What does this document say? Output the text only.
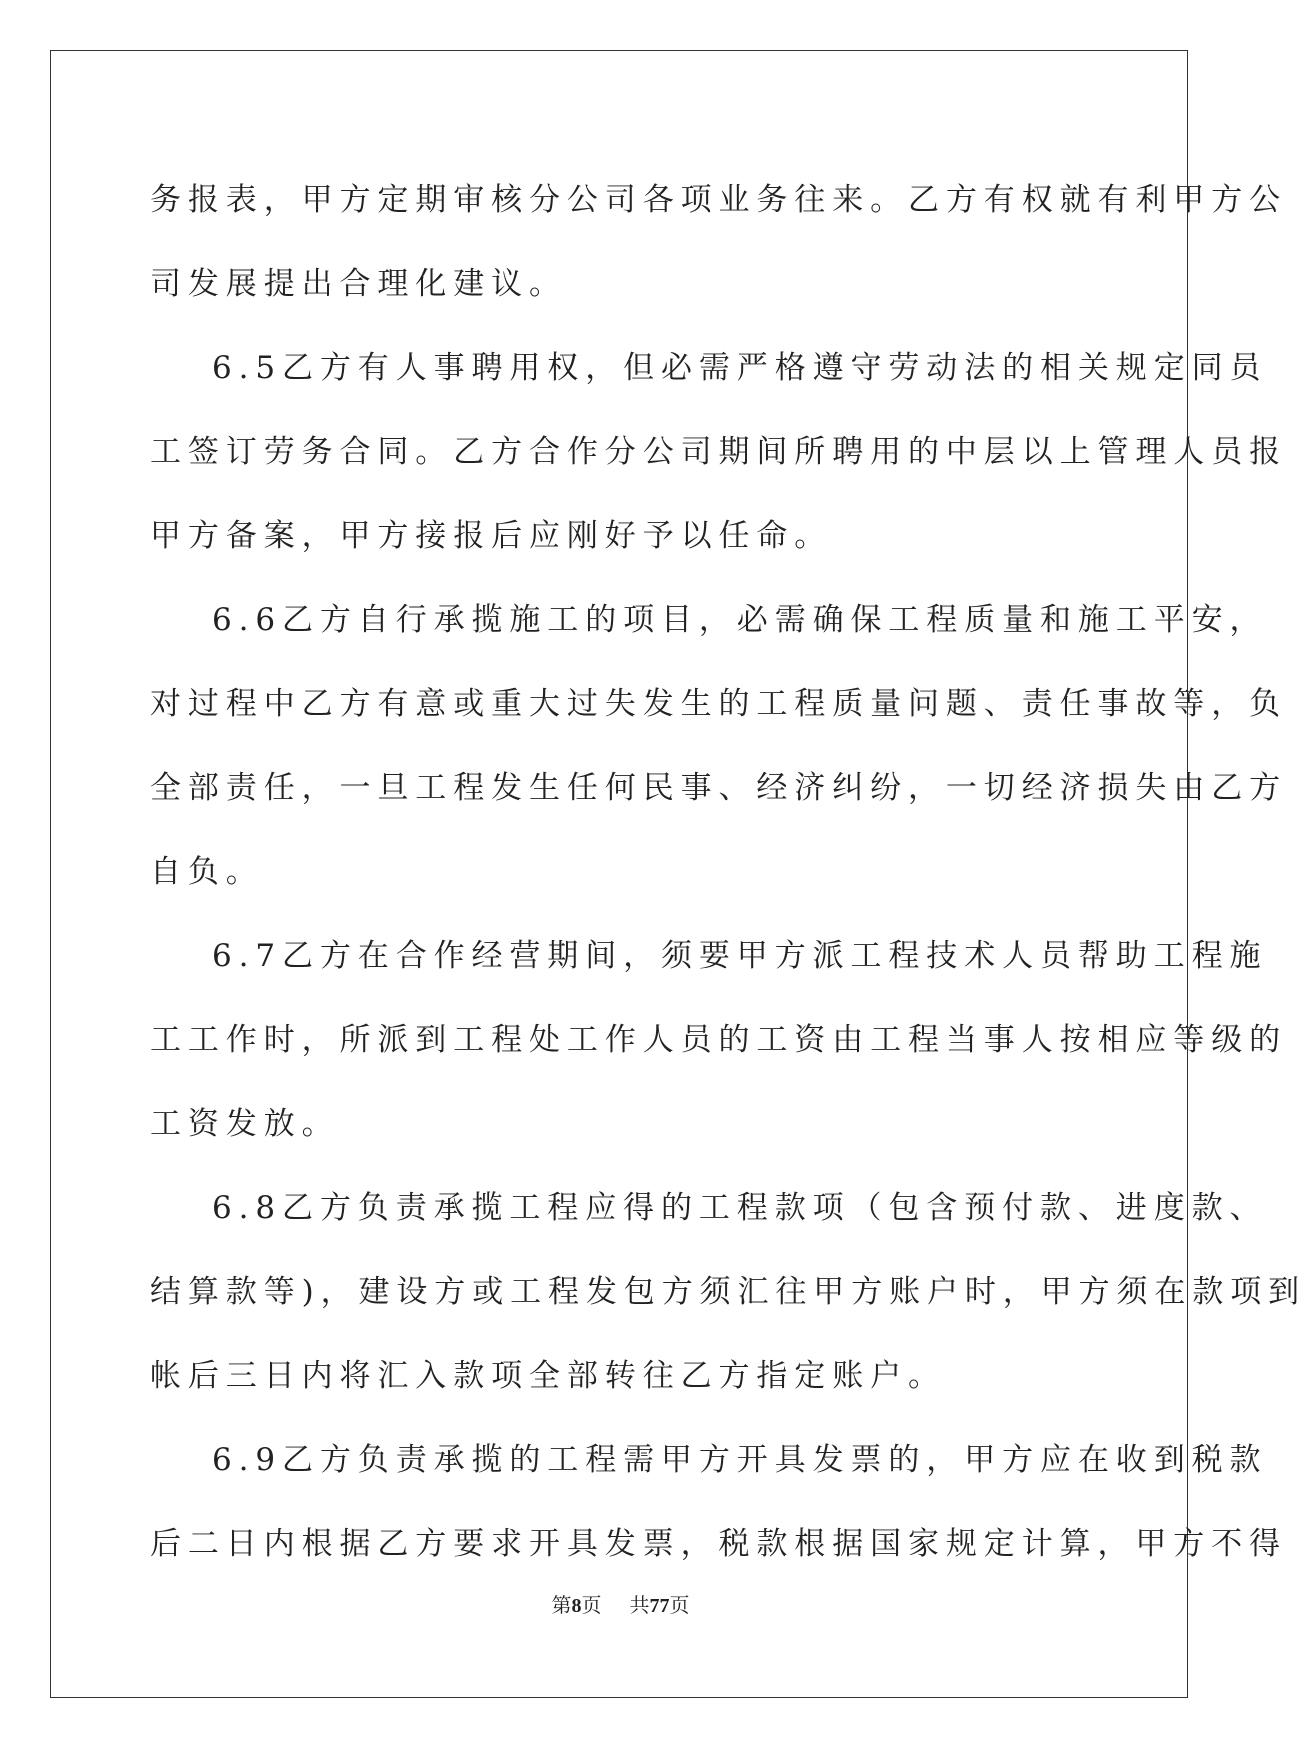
务报表，甲方定期审核分公司各项业务往来。乙方有权就有利甲方公
司发展提出合理化建议。
6.5乙方有人事聘用权，但必需严格遵守劳动法的相关规定同员
工签订劳务合同。乙方合作分公司期间所聘用的中层以上管理人员报
甲方备案，甲方接报后应刚好予以任命。
6.6乙方自行承揽施工的项目，必需确保工程质量和施工平安，
对过程中乙方有意或重大过失发生的工程质量问题、责任事故等，负
全部责任，一旦工程发生任何民事、经济纠纷，一切经济损失由乙方
自负。
6.7乙方在合作经营期间，须要甲方派工程技术人员帮助工程施
工工作时，所派到工程处工作人员的工资由工程当事人按相应等级的
工资发放。
6.8乙方负责承揽工程应得的工程款项（包含预付款、进度款、
结算款等)，建设方或工程发包方须汇往甲方账户时，甲方须在款项到
帐后三日内将汇入款项全部转往乙方指定账户。
6.9乙方负责承揽的工程需甲方开具发票的，甲方应在收到税款
后二日内根据乙方要求开具发票，税款根据国家规定计算，甲方不得
第8页 共77页
